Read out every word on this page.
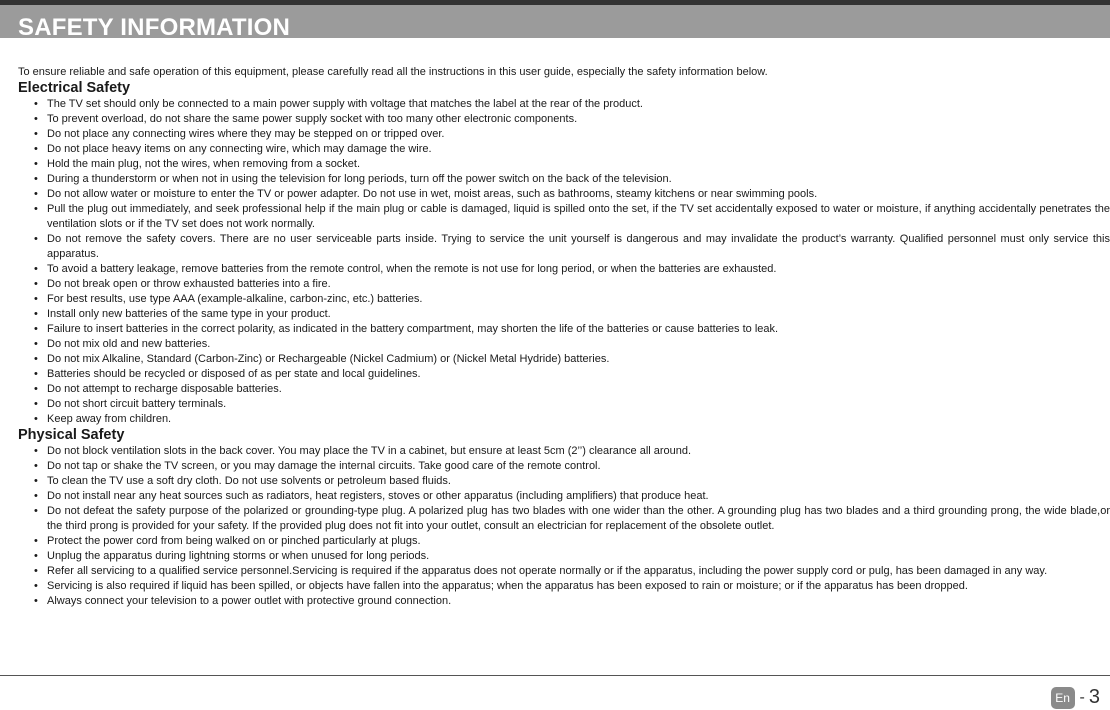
SAFETY INFORMATION

To ensure reliable and safe operation of this equipment, please carefully read all the instructions in this user guide, especially the safety information below.

Electrical Safety
• The TV set should only be connected to a main power supply with voltage that matches the label at the rear of the product.
• To prevent overload, do not share the same power supply socket with too many other electronic components.
• Do not place any connecting wires where they may be stepped on or tripped over.
• Do not place heavy items on any connecting wire, which may damage the wire.
• Hold the main plug, not the wires, when removing from a socket.
• During a thunderstorm or when not in using the television for long periods, turn off the power switch on the back of the television.
• Do not allow water or moisture to enter the TV or power adapter. Do not use in wet, moist areas, such as bathrooms, steamy kitchens or near swimming pools.
• Pull the plug out immediately, and seek professional help if the main plug or cable is damaged, liquid is spilled onto the set, if the TV set accidentally exposed to water or moisture, if anything accidentally penetrates the ventilation slots or if the TV set does not work normally.
• Do not remove the safety covers. There are no user serviceable parts inside. Trying to service the unit yourself is dangerous and may invalidate the product’s warranty. Qualified personnel must only service this apparatus.
• To avoid a battery leakage, remove batteries from the remote control, when the remote is not use for long period, or when the batteries are exhausted.
• Do not break open or throw exhausted batteries into a fire.
• For best results, use type AAA (example-alkaline, carbon-zinc, etc.) batteries.
• Install only new batteries of the same type in your product.
• Failure to insert batteries in the correct polarity, as indicated in the battery compartment, may shorten the life of the batteries or cause batteries to leak.
• Do not mix old and new batteries.
• Do not mix Alkaline, Standard (Carbon-Zinc) or Rechargeable (Nickel Cadmium) or (Nickel Metal Hydride) batteries.
• Batteries should be recycled or disposed of as per state and local guidelines.
• Do not attempt to recharge disposable batteries.
• Do not short circuit battery terminals.
• Keep away from children.
Physical Safety
• Do not block ventilation slots in the back cover. You may place the TV in a cabinet, but ensure at least 5cm (2’’) clearance all around.
• Do not tap or shake the TV screen, or you may damage the internal circuits. Take good care of the remote control.
• To clean the TV use a soft dry cloth. Do not use solvents or petroleum based fluids.
• Do not install near any heat sources such as radiators, heat registers, stoves or other apparatus (including amplifiers) that produce heat.
• Do not defeat the safety purpose of the polarized or grounding-type plug. A polarized plug has two blades with one wider than the other. A grounding plug has two blades and a third grounding prong, the wide blade,or the third prong is provided for your safety. If the provided plug does not fit into your outlet, consult an electrician for replacement of the obsolete outlet.
• Protect the power cord from being walked on or pinched particularly at plugs.
• Unplug the apparatus during lightning storms or when unused for long periods.
• Refer all servicing to a qualified service personnel.Servicing is required if the apparatus does not operate normally or if the apparatus, including the power supply cord or pulg, has been damaged in any way.
• Servicing is also required if liquid has been spilled, or objects have fallen into the apparatus; when the apparatus has been exposed to rain or moisture; or if the apparatus has been dropped.
• Always connect your television to a power outlet with protective ground connection.
En - 3
